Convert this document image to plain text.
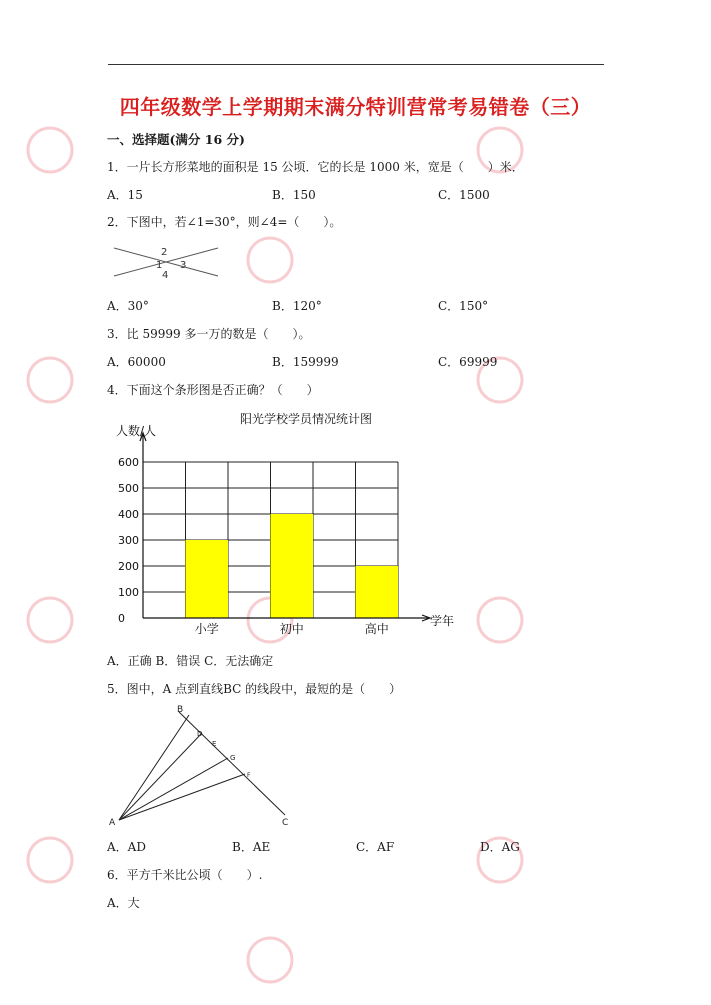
四年级数学上学期期末满分特训营常考易错卷（三）
一、选择题(满分 16 分)
1．一片长方形菜地的面积是 15 公顷．它的长是 1000 米，宽是（　　）米．
A．15	B．150	C．1500
2．下图中，若∠1=30°，则∠4=（　　）。
1
2
3
4
A．30°	B．120°	C．150°
3．比 59999 多一万的数是（　　）。
A．60000	B．159999	C．69999
4．下面这个条形图是否正确？（　　）
阳光学校学员情况统计图
人数/人
学年
0
100
200
300
400
500
600
小学	初中	高中
A．正确 B．错误 C．无法确定
5．图中，A 点到直线BC 的线段中，最短的是（　　）
B
D
E
G
F
A	C
A．AD	B．AE	C．AF	D．AG
6．平方千米比公顷（　　）.
A．大
